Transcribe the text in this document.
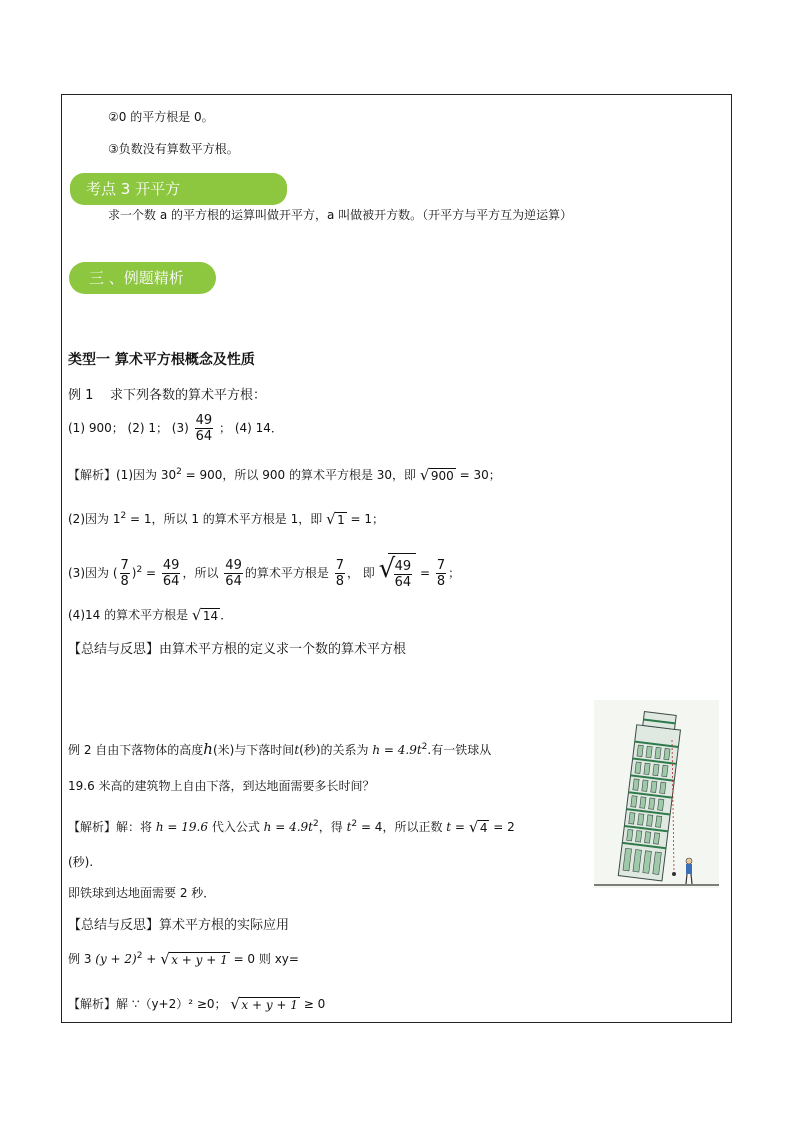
②0 的平方根是 0。
③负数没有算数平方根。
考点 3 开平方
求一个数 a 的平方根的运算叫做开平方，a 叫做被开方数。（开平方与平方互为逆运算）
三 、例题精析
类型一 算术平方根概念及性质
例 1 求下列各数的算术平方根：
(1) 900； (2) 1； $(3) \frac{49}{64}$ ； (4) 14．
【解析】(1)因为 $30^2 = 900$，所以 900 的算术平方根是 30，即 √ 900 = 30；
(2)因为 $1^2 = 1$，所以 1 的算术平方根是 1，即 √ 1 = 1；
(3)因为 ( $\frac{7}{8} )^2 = \frac{49}{64}$ ，所以 $\frac{49}{64}$ 的算术平方根是 $\frac{7}{8}$ ， 即 √
$\frac{49}{64} = \frac{7}{8}$ ；
(4)14 的算术平方根是 √ 14 ．
【总结与反思】由算术平方根的定义求一个数的算术平方根
例 2 自由下落物体的高度h(米)与下落时间t(秒)的关系为 $h = 4.9t^2$.有一铁球从
19.6 米高的建筑物上自由下落，到达地面需要多长时间？
【解析】解：将 h = 19.6 代入公式 $h = 4.9t^2$，得 $t^2 = 4$，所以正数 t = √ 4 = 2
(秒).
即铁球到达地面需要 2 秒．
【总结与反思】算术平方根的实际应用
例 3 $(y + 2)^2$ + √ x + y + 1 = 0 则 xy=
【解析】解 ∵（y+2）² ≥0； √ x + y + 1 ≥ 0
